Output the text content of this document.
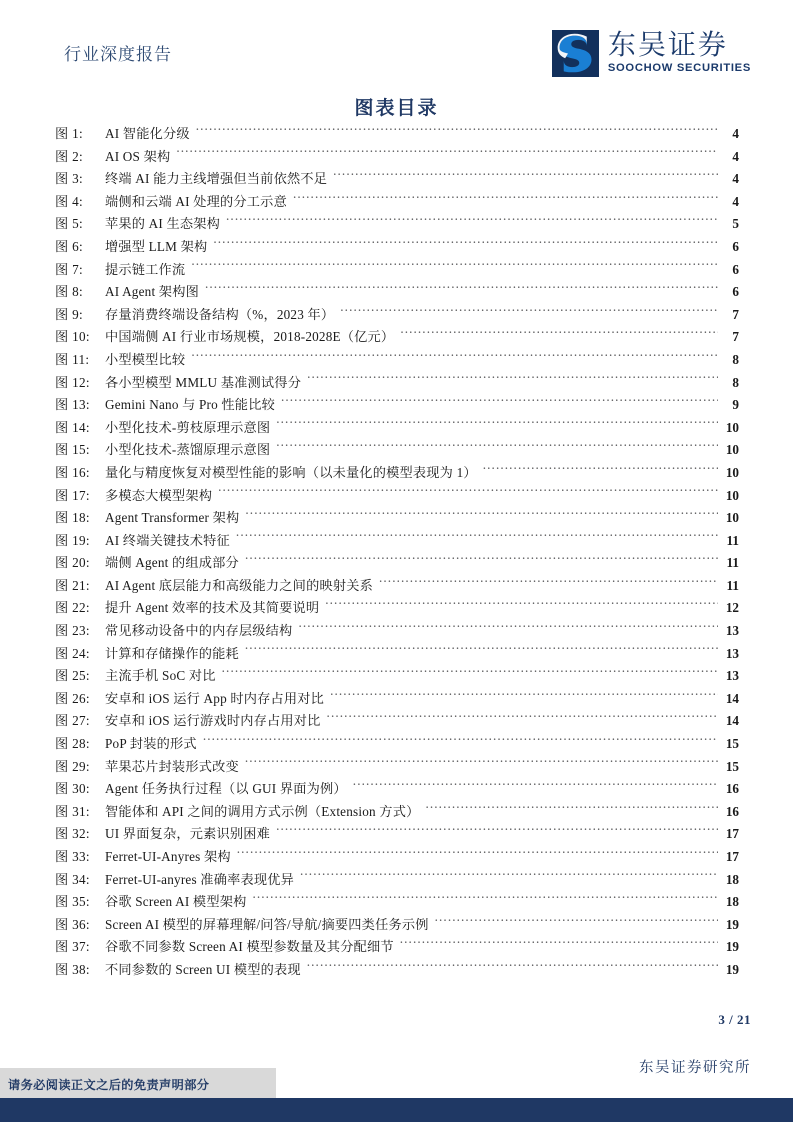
行业深度报告	东吴证券
SOOCHOW SECURITIES
图表目录
图 1:	AI 智能化分级 .....	4
图 2:	AI OS 架构 .....	4
图 3:	终端 AI 能力主线增强但当前依然不足 .....	4
图 4:	端侧和云端 AI 处理的分工示意 .....	4
图 5:	苹果的 AI 生态架构 .....	5
图 6:	增强型 LLM 架构 .....	6
图 7:	提示链工作流 .....	6
图 8:	AI Agent 架构图 .....	6
图 9:	存量消费终端设备结构（%，2023 年） .....	7
图 10:	中国端侧 AI 行业市场规模，2018-2028E（亿元） .....	7
图 11:	小型模型比较 .....	8
图 12:	各小型模型 MMLU 基准测试得分 .....	8
图 13:	Gemini Nano 与 Pro 性能比较 .....	9
图 14:	小型化技术-剪枝原理示意图 .....	10
图 15:	小型化技术-蒸馏原理示意图 .....	10
图 16:	量化与精度恢复对模型性能的影响（以未量化的模型表现为 1） .....	10
图 17:	多模态大模型架构 .....	10
图 18:	Agent Transformer 架构 .....	10
图 19:	AI 终端关键技术特征 .....	11
图 20:	端侧 Agent 的组成部分 .....	11
图 21:	AI Agent 底层能力和高级能力之间的映射关系 .....	11
图 22:	提升 Agent 效率的技术及其简要说明 .....	12
图 23:	常见移动设备中的内存层级结构 .....	13
图 24:	计算和存储操作的能耗 .....	13
图 25:	主流手机 SoC 对比 .....	13
图 26:	安卓和 iOS 运行 App 时内存占用对比 .....	14
图 27:	安卓和 iOS 运行游戏时内存占用对比 .....	14
图 28:	PoP 封装的形式 .....	15
图 29:	苹果芯片封装形式改变 .....	15
图 30:	Agent 任务执行过程（以 GUI 界面为例） .....	16
图 31:	智能体和 API 之间的调用方式示例（Extension 方式） .....	16
图 32:	UI 界面复杂，元素识别困难 .....	17
图 33:	Ferret-UI-Anyres 架构 .....	17
图 34:	Ferret-UI-anyres 准确率表现优异 .....	18
图 35:	谷歌 Screen AI 模型架构 .....	18
图 36:	Screen AI 模型的屏幕理解/问答/导航/摘要四类任务示例 .....	19
图 37:	谷歌不同参数 Screen AI 模型参数量及其分配细节 .....	19
图 38:	不同参数的 Screen UI 模型的表现 .....	19
3 / 21
东吴证券研究所
请务必阅读正文之后的免责声明部分
